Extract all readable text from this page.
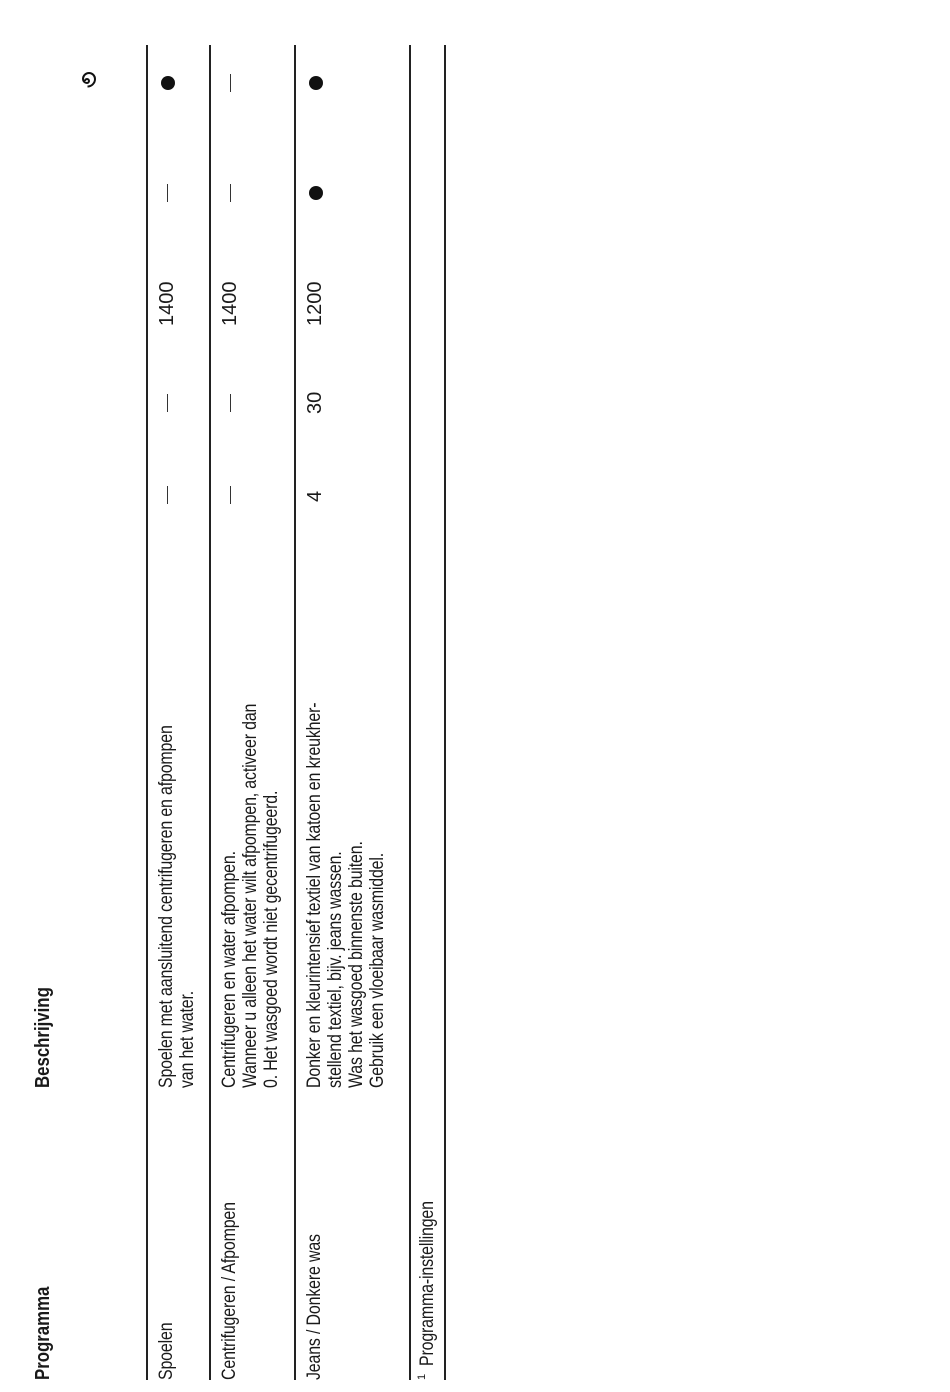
Programma
Beschrijving
Spoelen
Spoelen met aansluitend centrifugeren en afpompen van het water.
1400
Centrifugeren / Afpompen
Centrifugeren en water afpompen. Wanneer u alleen het water wilt afpompen, activeer dan 0. Het wasgoed wordt niet gecentrifugeerd.
1400
Jeans / Donkere was
Donker en kleurintensief textiel van katoen en kreukher- stellend textiel, bijv. jeans wassen. Was het wasgoed binnenste buiten. Gebruik een vloeibaar wasmiddel.
4
30
1200
1
Programma-instellingen
